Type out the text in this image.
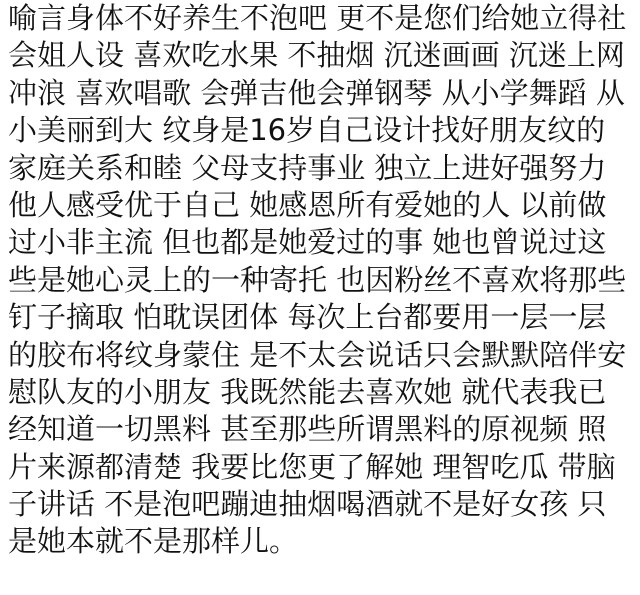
喻言身体不好养生不泡吧 更不是您们给她立得社
会姐人设 喜欢吃水果 不抽烟 沉迷画画 沉迷上网
冲浪 喜欢唱歌 会弹吉他会弹钢琴 从小学舞蹈 从
小美丽到大 纹身是16岁自己设计找好朋友纹的
家庭关系和睦 父母支持事业 独立上进好强努力
他人感受优于自己 她感恩所有爱她的人 以前做
过小非主流 但也都是她爱过的事 她也曾说过这
些是她心灵上的一种寄托 也因粉丝不喜欢将那些
钉子摘取 怕耽误团体 每次上台都要用一层一层
的胶布将纹身蒙住 是不太会说话只会默默陪伴安
慰队友的小朋友 我既然能去喜欢她 就代表我已
经知道一切黑料 甚至那些所谓黑料的原视频 照
片来源都清楚 我要比您更了解她 理智吃瓜 带脑
子讲话 不是泡吧蹦迪抽烟喝酒就不是好女孩 只
是她本就不是那样儿。
